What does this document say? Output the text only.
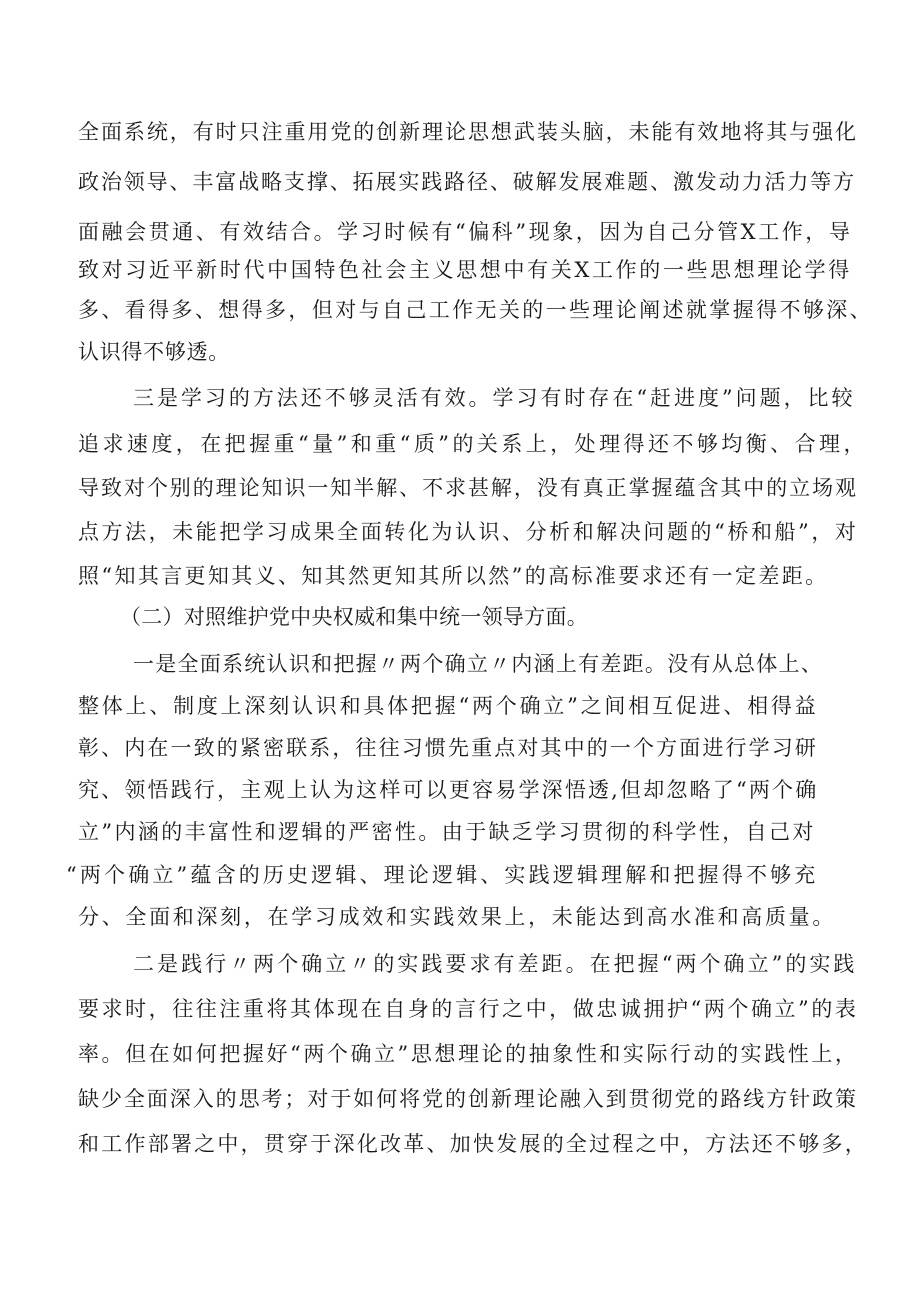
全面系统，有时只注重用党的创新理论思想武装头脑，未能有效地将其与强化
政治领导、丰富战略支撑、拓展实践路径、破解发展难题、激发动力活力等方
面融会贯通、有效结合。学习时候有“偏科”现象，因为自己分管X工作，导
致对习近平新时代中国特色社会主义思想中有关X工作的一些思想理论学得
多、看得多、想得多，但对与自己工作无关的一些理论阐述就掌握得不够深、
认识得不够透。
三是学习的方法还不够灵活有效。学习有时存在“赶进度”问题，比较
追求速度，在把握重“量”和重“质”的关系上，处理得还不够均衡、合理，
导致对个别的理论知识一知半解、不求甚解，没有真正掌握蕴含其中的立场观
点方法，未能把学习成果全面转化为认识、分析和解决问题的“桥和船”，对
照“知其言更知其义、知其然更知其所以然”的高标准要求还有一定差距。
（二）对照维护党中央权威和集中统一领导方面。
一是全面系统认识和把握〃两个确立〃内涵上有差距。没有从总体上、
整体上、制度上深刻认识和具体把握“两个确立”之间相互促进、相得益
彰、内在一致的紧密联系，往往习惯先重点对其中的一个方面进行学习研
究、领悟践行，主观上认为这样可以更容易学深悟透,但却忽略了“两个确
立”内涵的丰富性和逻辑的严密性。由于缺乏学习贯彻的科学性，自己对
“两个确立”蕴含的历史逻辑、理论逻辑、实践逻辑理解和把握得不够充
分、全面和深刻，在学习成效和实践效果上，未能达到高水准和高质量。
二是践行〃两个确立〃的实践要求有差距。在把握“两个确立”的实践
要求时，往往注重将其体现在自身的言行之中，做忠诚拥护“两个确立”的表
率。但在如何把握好“两个确立”思想理论的抽象性和实际行动的实践性上，
缺少全面深入的思考；对于如何将党的创新理论融入到贯彻党的路线方针政策
和工作部署之中，贯穿于深化改革、加快发展的全过程之中，方法还不够多，
